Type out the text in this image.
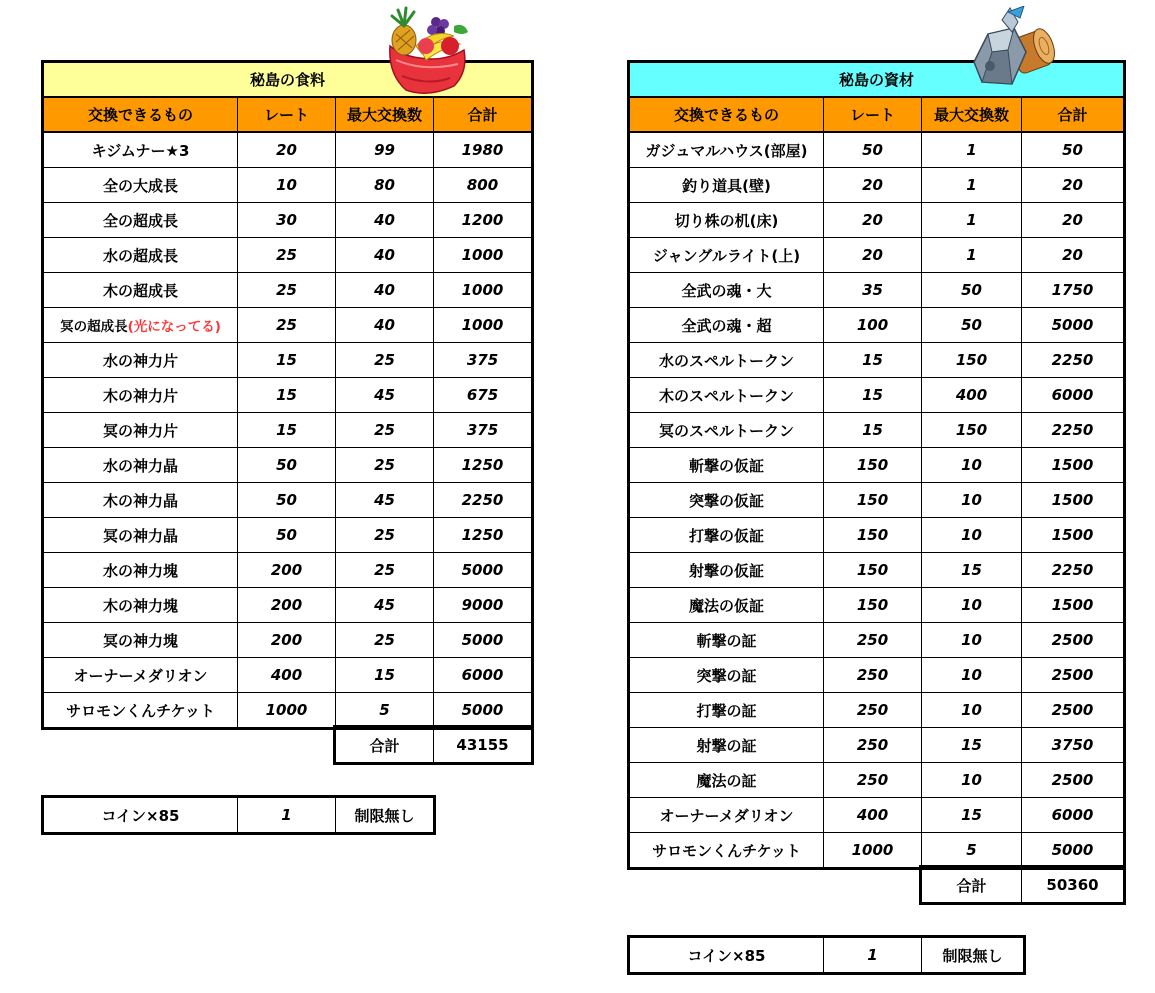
秘島の食料			
交換できるもの	レート	最大交換数	合計
キジムナー★3	20	99	1980
全の大成長	10	80	800
全の超成長	30	40	1200
水の超成長	25	40	1000
木の超成長	25	40	1000
冥の超成長(光になってる)	25	40	1000
水の神力片	15	25	375
木の神力片	15	45	675
冥の神力片	15	25	375
水の神力晶	50	25	1250
木の神力晶	50	45	2250
冥の神力晶	50	25	1250
水の神力塊	200	25	5000
木の神力塊	200	45	9000
冥の神力塊	200	25	5000
オーナーメダリオン	400	15	6000
サロモンくんチケット	1000	5	5000
合計	43155
コイン×85	1	制限無し
秘島の資材			
交換できるもの	レート	最大交換数	合計
ガジュマルハウス(部屋)	50	1	50
釣り道具(壁)	20	1	20
切り株の机(床)	20	1	20
ジャングルライト(上)	20	1	20
全武の魂・大	35	50	1750
全武の魂・超	100	50	5000
水のスペルトークン	15	150	2250
木のスペルトークン	15	400	6000
冥のスペルトークン	15	150	2250
斬撃の仮証	150	10	1500
突撃の仮証	150	10	1500
打撃の仮証	150	10	1500
射撃の仮証	150	15	2250
魔法の仮証	150	10	1500
斬撃の証	250	10	2500
突撃の証	250	10	2500
打撃の証	250	10	2500
射撃の証	250	15	3750
魔法の証	250	10	2500
オーナーメダリオン	400	15	6000
サロモンくんチケット	1000	5	5000
合計	50360
コイン×85	1	制限無し
